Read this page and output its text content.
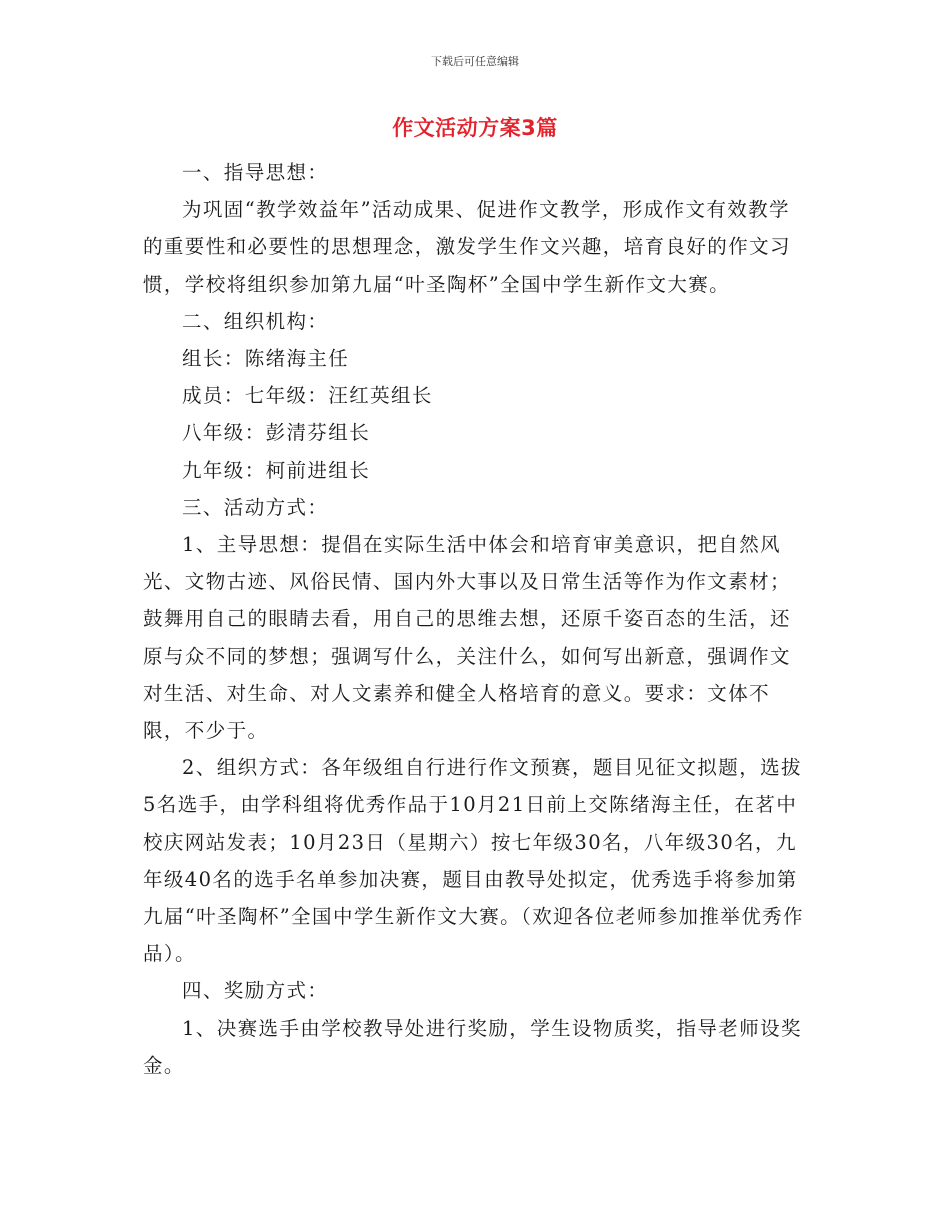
下载后可任意编辑
作文活动方案3篇

一、指导思想：

为巩固“教学效益年”活动成果、促进作文教学，形成作文有效教学的重要性和必要性的思想理念，激发学生作文兴趣，培育良好的作文习惯，学校将组织参加第九届“叶圣陶杯”全国中学生新作文大赛。

二、组织机构：

组长：陈绪海主任

成员：七年级：汪红英组长

八年级：彭清芬组长

九年级：柯前进组长

三、活动方式：

1、主导思想：提倡在实际生活中体会和培育审美意识，把自然风光、文物古迹、风俗民情、国内外大事以及日常生活等作为作文素材；鼓舞用自己的眼睛去看，用自己的思维去想，还原千姿百态的生活，还原与众不同的梦想；强调写什么，关注什么，如何写出新意，强调作文对生活、对生命、对人文素养和健全人格培育的意义。要求：文体不限，不少于。

2、组织方式：各年级组自行进行作文预赛，题目见征文拟题，选拔5名选手，由学科组将优秀作品于10月21日前上交陈绪海主任，在茗中校庆网站发表；10月23日（星期六）按七年级30名，八年级30名，九年级40名的选手名单参加决赛，题目由教导处拟定，优秀选手将参加第九届“叶圣陶杯”全国中学生新作文大赛。（欢迎各位老师参加推举优秀作品）。

四、奖励方式：

1、决赛选手由学校教导处进行奖励，学生设物质奖，指导老师设奖金。
